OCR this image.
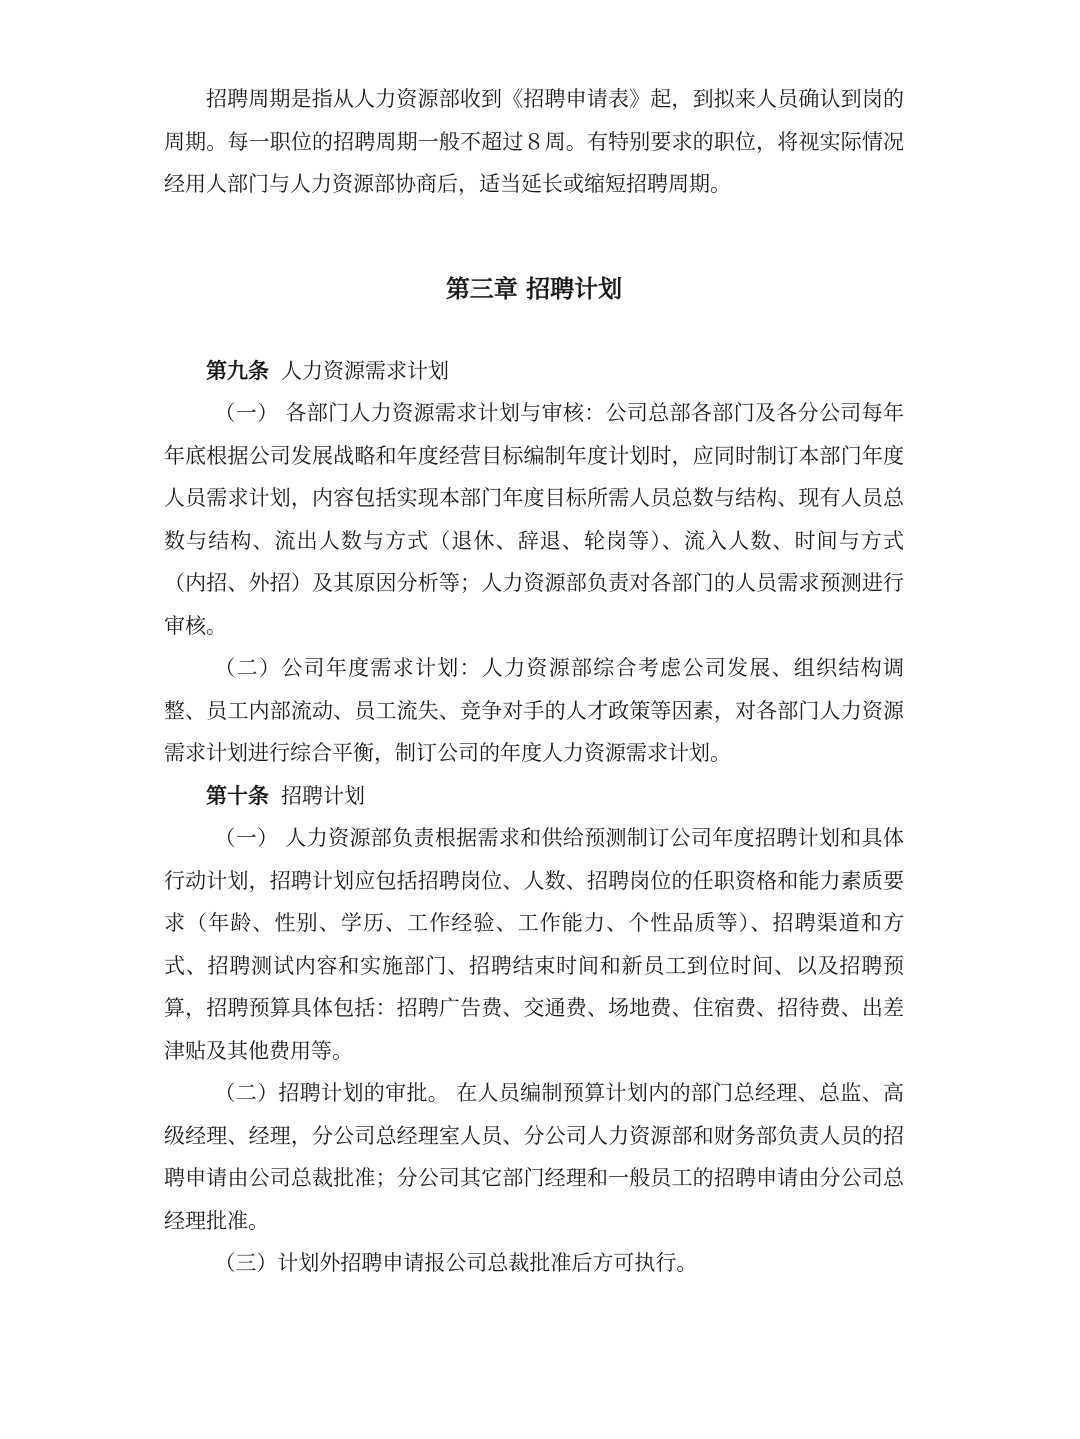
招聘周期是指从人力资源部收到《招聘申请表》起，到拟来人员确认到岗的周期。每一职位的招聘周期一般不超过８周。有特别要求的职位，将视实际情况经用人部门与人力资源部协商后，适当延长或缩短招聘周期。

第三章 招聘计划
第九条 人力资源需求计划

（一） 各部门人力资源需求计划与审核：公司总部各部门及各分公司每年年底根据公司发展战略和年度经营目标编制年度计划时，应同时制订本部门年度人员需求计划，内容包括实现本部门年度目标所需人员总数与结构、现有人员总数与结构、流出人数与方式（退休、辞退、轮岗等）、流入人数、时间与方式（内招、外招）及其原因分析等；人力资源部负责对各部门的人员需求预测进行审核。

（二）公司年度需求计划：人力资源部综合考虑公司发展、组织结构调整、员工内部流动、员工流失、竞争对手的人才政策等因素，对各部门人力资源需求计划进行综合平衡，制订公司的年度人力资源需求计划。

第十条 招聘计划

（一） 人力资源部负责根据需求和供给预测制订公司年度招聘计划和具体行动计划，招聘计划应包括招聘岗位、人数、招聘岗位的任职资格和能力素质要求（年龄、性别、学历、工作经验、工作能力、个性品质等）、招聘渠道和方式、招聘测试内容和实施部门、招聘结束时间和新员工到位时间、以及招聘预算，招聘预算具体包括：招聘广告费、交通费、场地费、住宿费、招待费、出差津贴及其他费用等。

（二）招聘计划的审批。 在人员编制预算计划内的部门总经理、总监、高级经理、经理，分公司总经理室人员、分公司人力资源部和财务部负责人员的招聘申请由公司总裁批准；分公司其它部门经理和一般员工的招聘申请由分公司总经理批准。

（三）计划外招聘申请报公司总裁批准后方可执行。
